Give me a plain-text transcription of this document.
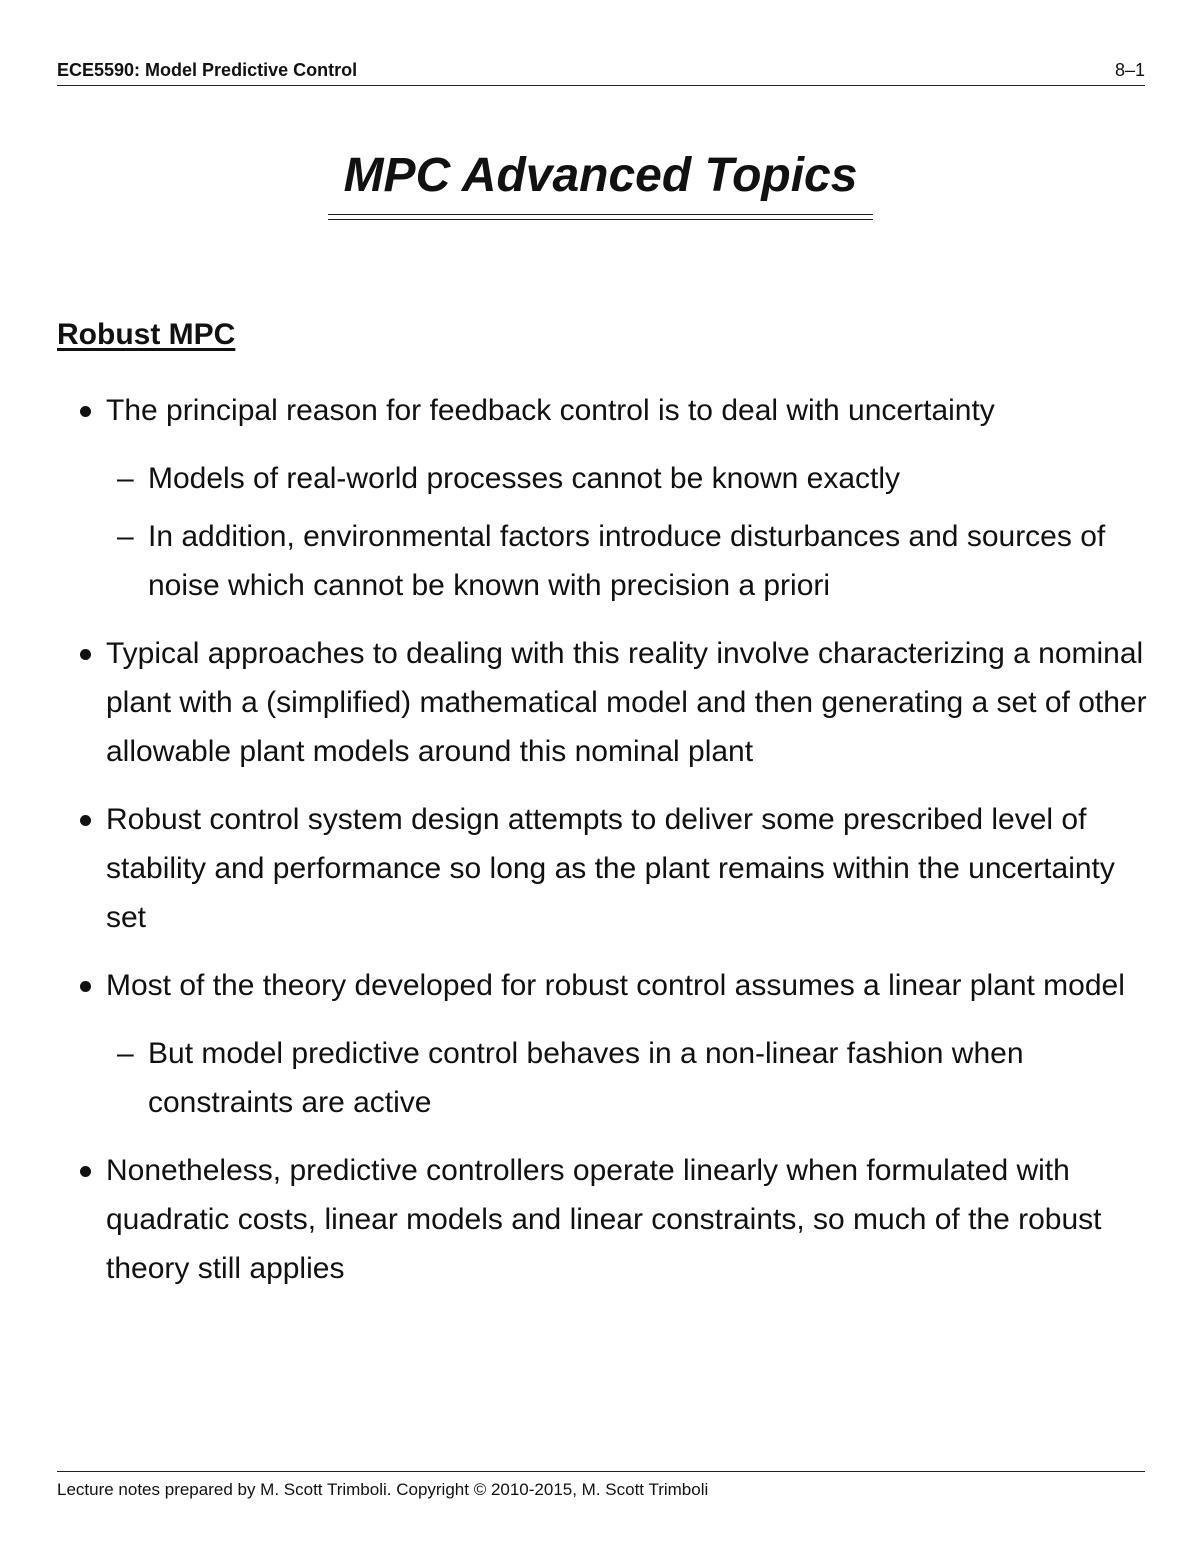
ECE5590: Model Predictive Control	8–1
MPC Advanced Topics
Robust MPC
The principal reason for feedback control is to deal with uncertainty
– Models of real-world processes cannot be known exactly
– In addition, environmental factors introduce disturbances and sources of noise which cannot be known with precision a priori
Typical approaches to dealing with this reality involve characterizing a nominal plant with a (simplified) mathematical model and then generating a set of other allowable plant models around this nominal plant
Robust control system design attempts to deliver some prescribed level of stability and performance so long as the plant remains within the uncertainty set
Most of the theory developed for robust control assumes a linear plant model
– But model predictive control behaves in a non-linear fashion when constraints are active
Nonetheless, predictive controllers operate linearly when formulated with quadratic costs, linear models and linear constraints, so much of the robust theory still applies
Lecture notes prepared by M. Scott Trimboli. Copyright © 2010-2015, M. Scott Trimboli
